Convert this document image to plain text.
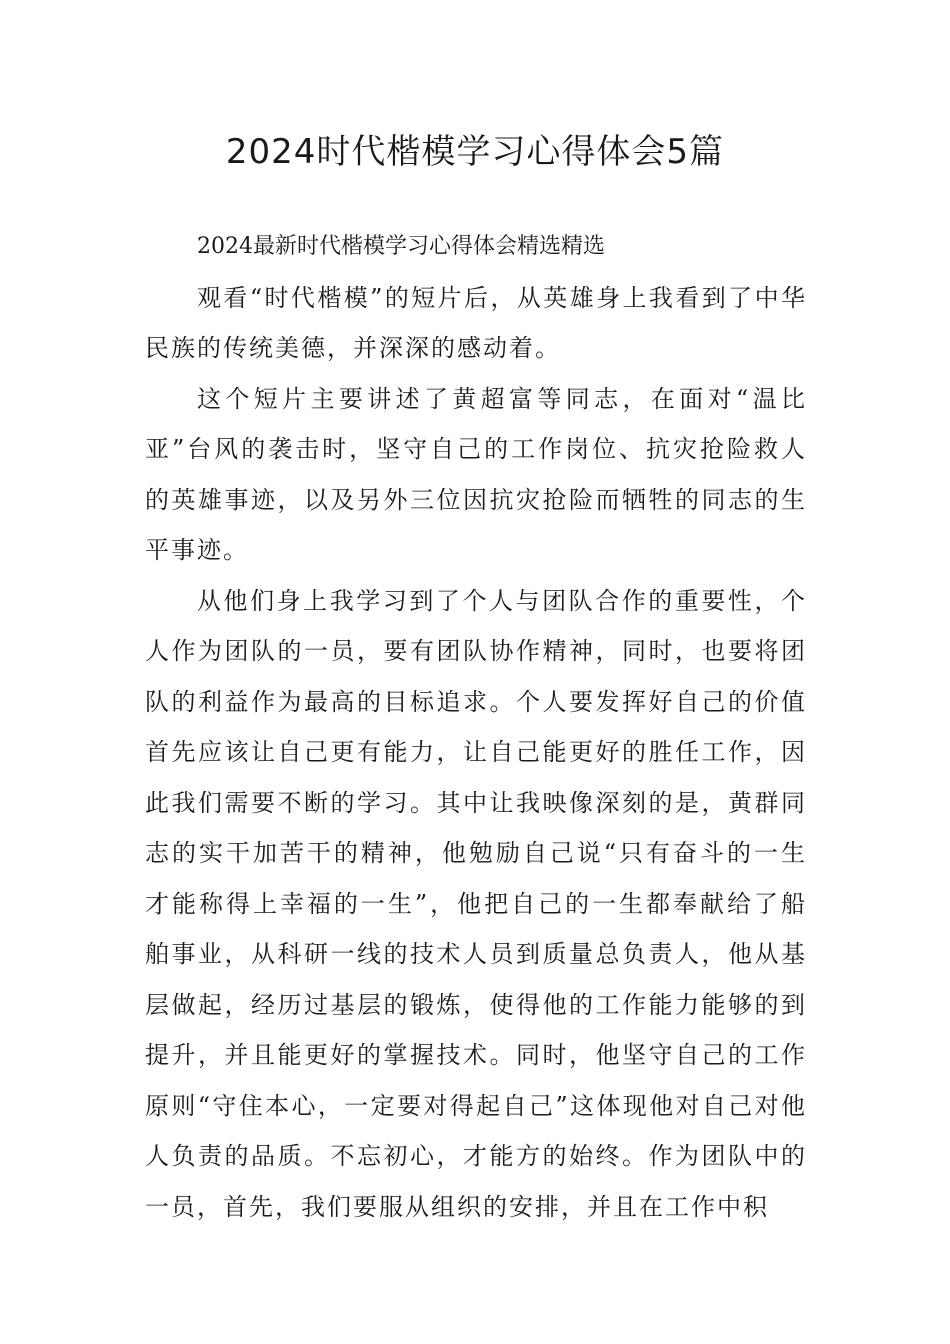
2024时代楷模学习心得体会5篇

2024最新时代楷模学习心得体会精选精选

观看“时代楷模”的短片后，从英雄身上我看到了中华民族的传统美德，并深深的感动着。

这个短片主要讲述了黄超富等同志，在面对“温比亚”台风的袭击时，坚守自己的工作岗位、抗灾抢险救人的英雄事迹，以及另外三位因抗灾抢险而牺牲的同志的生平事迹。

从他们身上我学习到了个人与团队合作的重要性，个人作为团队的一员，要有团队协作精神，同时，也要将团队的利益作为最高的目标追求。个人要发挥好自己的价值首先应该让自己更有能力，让自己能更好的胜任工作，因此我们需要不断的学习。其中让我映像深刻的是，黄群同志的实干加苦干的精神，他勉励自己说“只有奋斗的一生才能称得上幸福的一生”，他把自己的一生都奉献给了船舶事业，从科研一线的技术人员到质量总负责人，他从基层做起，经历过基层的锻炼，使得他的工作能力能够的到提升，并且能更好的掌握技术。同时，他坚守自己的工作原则“守住本心，一定要对得起自己”这体现他对自己对他人负责的品质。不忘初心，才能方的始终。作为团队中的一员，首先，我们要服从组织的安排，并且在工作中积
